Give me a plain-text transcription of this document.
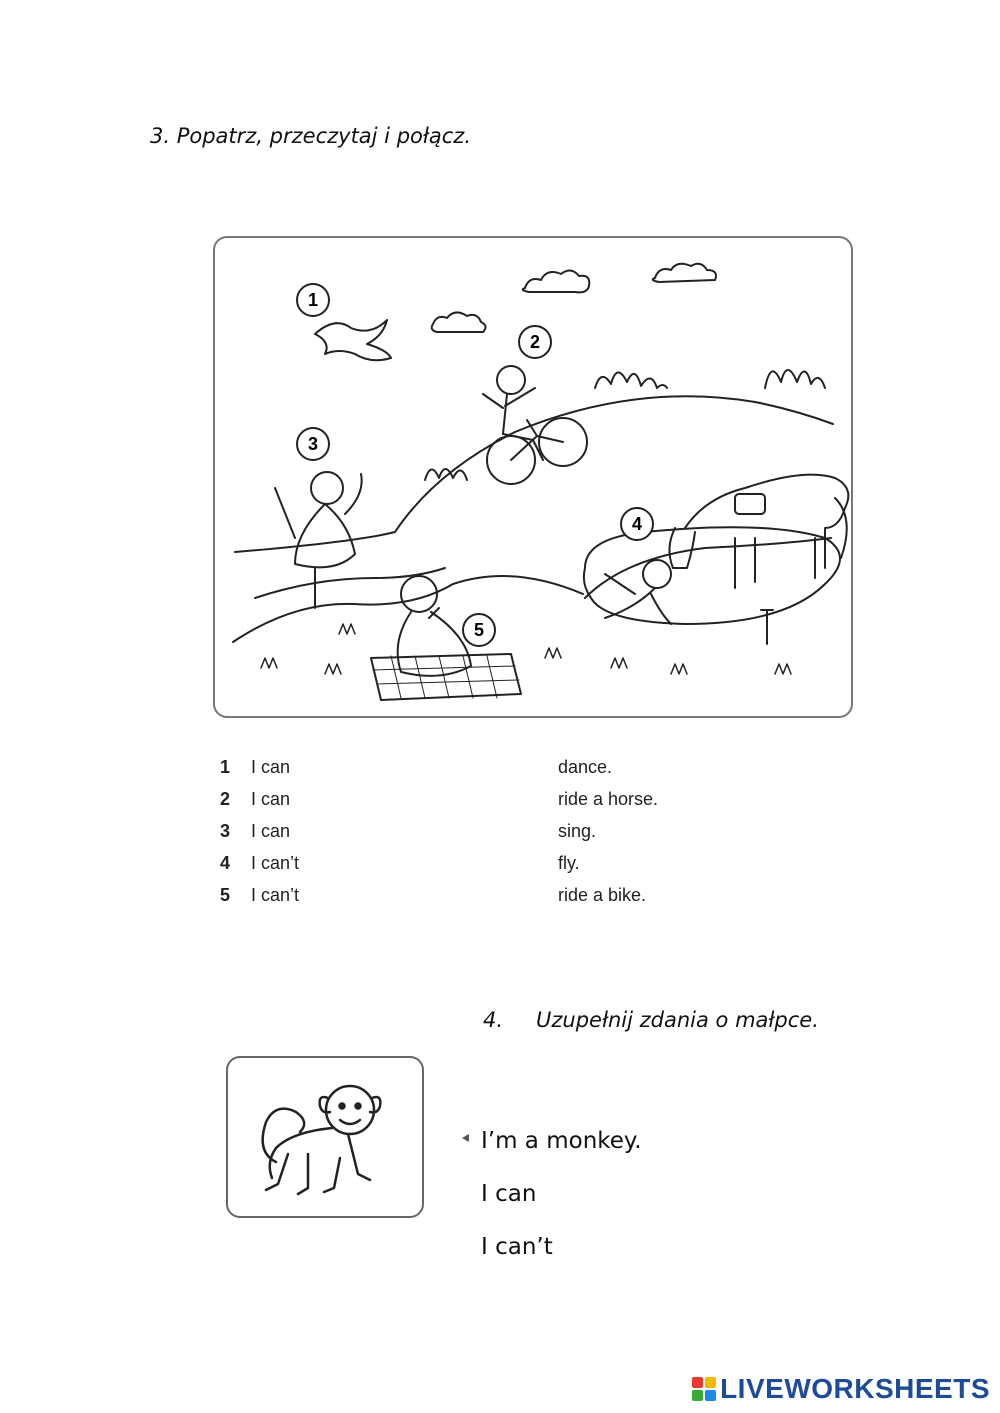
3. Popatrz, przeczytaj i połącz.
1
2
3
4
5
1 I can	dance.
2 I can	ride a horse.
3 I can	sing.
4 I can’t	fly.
5 I can’t	ride a bike.
4. Uzupełnij zdania o małpce.
I’m a monkey.
I can
I can’t
LIVEWORKSHEETS
